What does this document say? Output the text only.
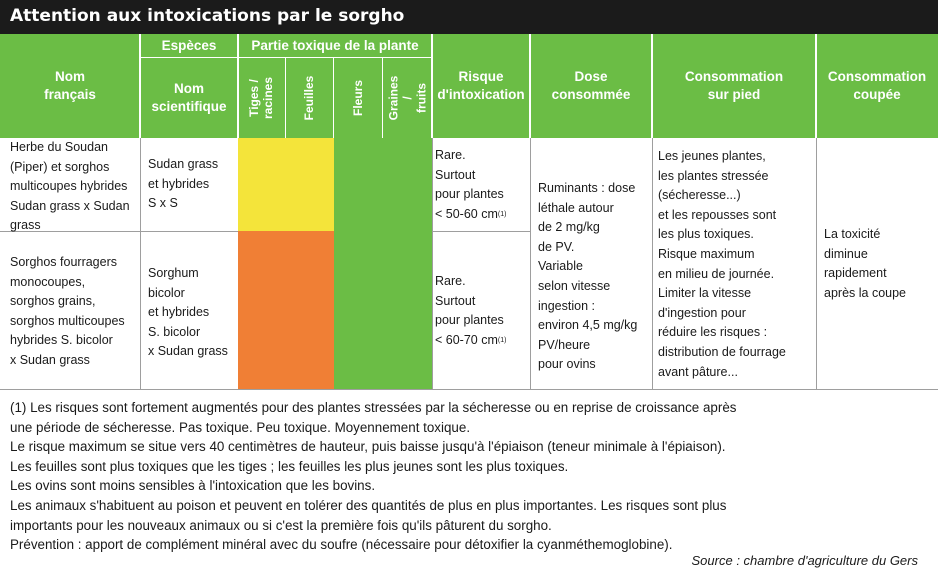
Attention aux intoxications par le sorgho
Nom
français
Espèces
Nom
scientifique
Partie toxique de la plante
Tiges /
racines Feuilles	Fleurs Graines /
fruits
Risque
d'intoxication
Dose
consommée
Consommation
sur pied
Consommation
coupée
Herbe du Soudan
(Piper) et sorghos
multicoupes hybrides
Sudan grass x Sudan
grass
Sudan grass
et hybrides
S x S
Rare.
Surtout
pour plantes
< 50-60 $cm^{(1)}$
Sorghos fourragers
monocoupes,
sorghos grains,
sorghos multicoupes
hybrides S. bicolor
x Sudan grass
Sorghum
bicolor
et hybrides
S. bicolor
x Sudan grass
Rare.
Surtout
pour plantes
< 60-70 $cm^{(1)}$
Ruminants : dose
léthale autour
de 2 mg/kg
de PV.
Variable
selon vitesse
ingestion :
environ 4,5 mg/kg
PV/heure
pour ovins
Les jeunes plantes,
les plantes stressée
(sécheresse...)
et les repousses sont
les plus toxiques.
Risque maximum
en milieu de journée.
Limiter la vitesse
d'ingestion pour
réduire les risques :
distribution de fourrage
avant pâture...
La toxicité
diminue
rapidement
après la coupe
(1) Les risques sont fortement augmentés pour des plantes stressées par la sécheresse ou en reprise de croissance après
une période de sécheresse. Pas toxique. Peu toxique. Moyennement toxique.
Le risque maximum se situe vers 40 centimètres de hauteur, puis baisse jusqu'à l'épiaison (teneur minimale à l'épiaison).
Les feuilles sont plus toxiques que les tiges ; les feuilles les plus jeunes sont les plus toxiques.
Les ovins sont moins sensibles à l'intoxication que les bovins.
Les animaux s'habituent au poison et peuvent en tolérer des quantités de plus en plus importantes. Les risques sont plus
importants pour les nouveaux animaux ou si c'est la première fois qu'ils pâturent du sorgho.
Prévention : apport de complément minéral avec du soufre (nécessaire pour détoxifier la cyanméthemoglobine).
Source : chambre d'agriculture du Gers
